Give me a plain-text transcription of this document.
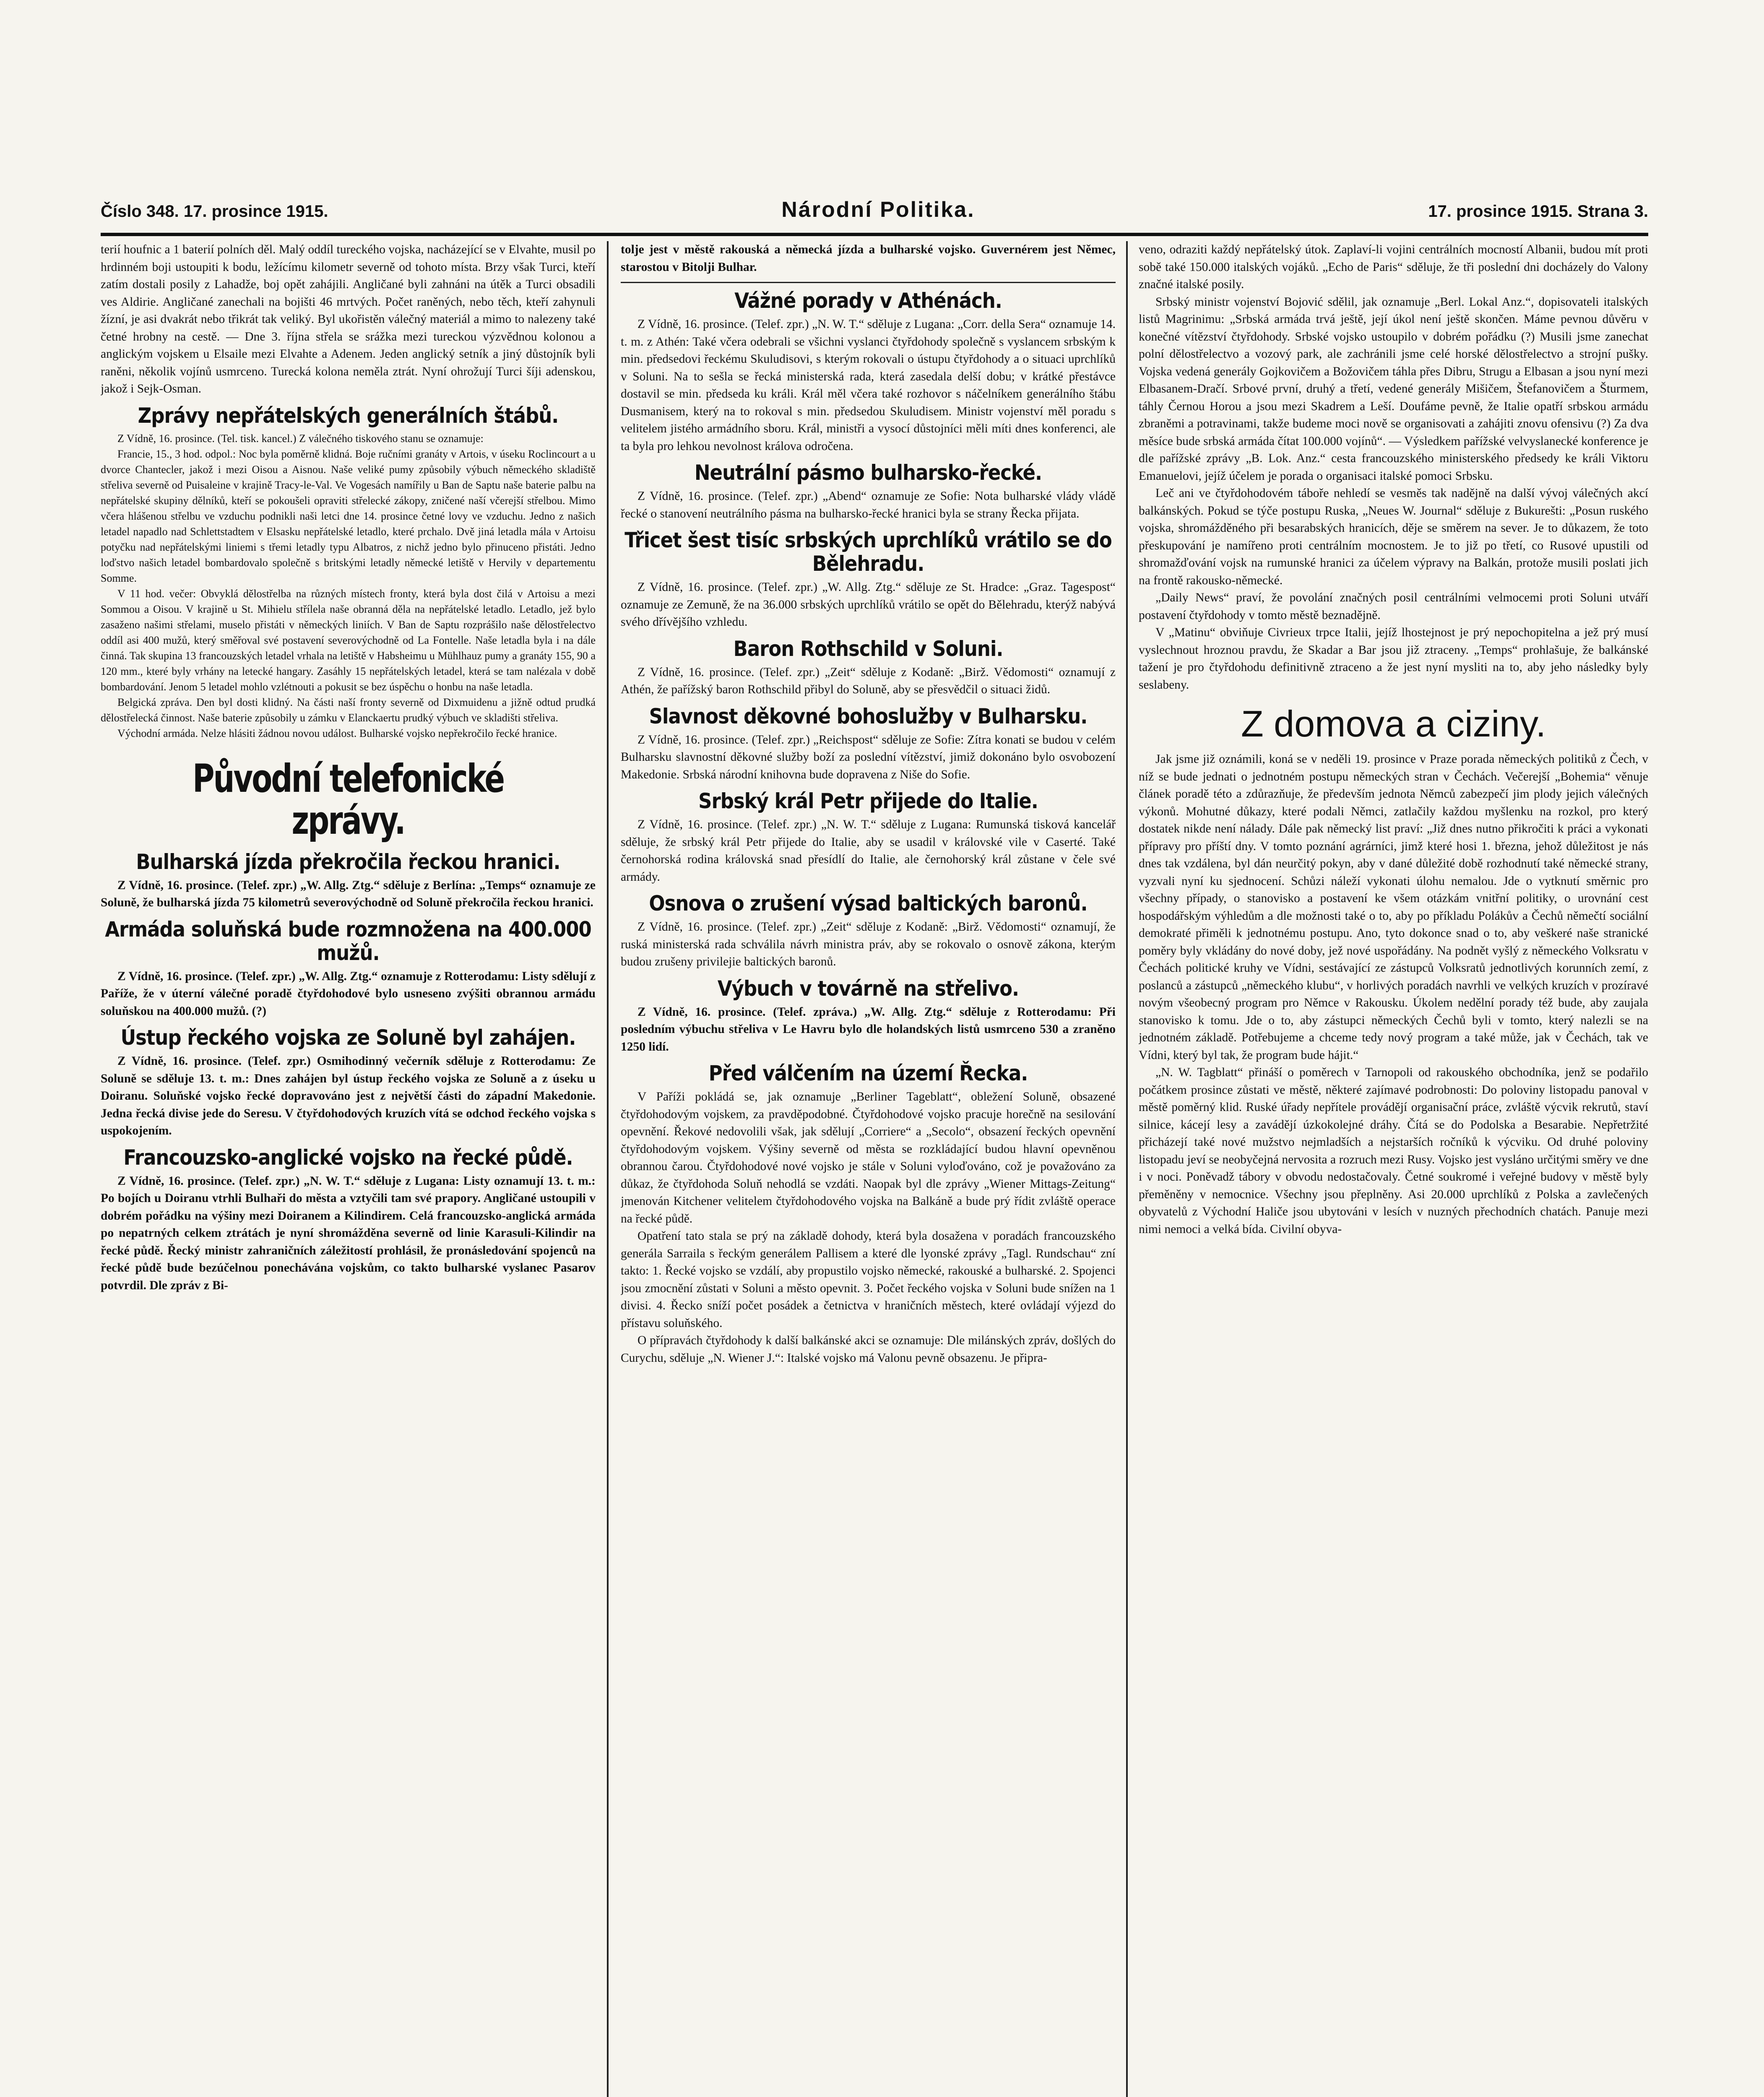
Číslo 348. 17. prosince 1915.	Národní Politika.	17. prosince 1915. Strana 3.

terií houfnic a 1 baterií polních děl. Malý oddíl tureckého vojska, nacházející se v Elvahte, musil po hrdinném boji ustoupiti k bodu, ležícímu kilometr severně od tohoto místa. Brzy však Turci, kteří zatím dostali posily z Lahadže, boj opět zahájili. Angličané byli zahnáni na útěk a Turci obsadili ves Aldirie. Angličané zanechali na bojišti 46 mrtvých. Počet raněných, nebo těch, kteří zahynuli žízní, je asi dvakrát nebo třikrát tak veliký. Byl ukořistěn válečný materiál a mimo to nalezeny také četné hrobny na cestě. — Dne 3. října střela se srážka mezi tureckou výzvědnou kolonou a anglickým vojskem u Elsaile mezi Elvahte a Adenem. Jeden anglický setník a jiný důstojník byli raněni, několik vojínů usmrceno. Turecká kolona neměla ztrát. Nyní ohrožují Turci šíji adenskou, jakož i Sejk-Osman.

Zprávy nepřátelských generálních štábů.

Z Vídně, 16. prosince. (Tel. tisk. kancel.) Z válečného tiskového stanu se oznamuje:

Francie, 15., 3 hod. odpol.: Noc byla poměrně klidná. Boje ručními granáty v Artois, v úseku Roclincourt a u dvorce Chantecler, jakož i mezi Oisou a Aisnou. Naše veliké pumy způsobily výbuch německého skladiště střeliva severně od Puisaleine v krajině Tracy-le-Val. Ve Vogesách namířily u Ban de Saptu naše baterie palbu na nepřátelské skupiny dělníků, kteří se pokoušeli opraviti střelecké zákopy, zničené naší včerejší střelbou. Mimo včera hlášenou střelbu ve vzduchu podnikli naši letci dne 14. prosince četné lovy ve vzduchu. Jedno z našich letadel napadlo nad Schlettstadtem v Elsasku nepřátelské letadlo, které prchalo. Dvě jiná letadla mála v Artoisu potyčku nad nepřátelskými liniemi s třemi letadly typu Albatros, z nichž jedno bylo přinuceno přistáti. Jedno loďstvo našich letadel bombardovalo společně s britskými letadly německé letiště v Hervily v departementu Somme.

V 11 hod. večer: Obvyklá dělostřelba na různých místech fronty, která byla dost čilá v Artoisu a mezi Sommou a Oisou. V krajině u St. Mihielu střílela naše obranná děla na nepřátelské letadlo. Letadlo, jež bylo zasaženo našimi střelami, muselo přistáti v německých liniích. V Ban de Saptu rozprášilo naše dělostřelectvo oddíl asi 400 mužů, který směřoval své postavení severovýchodně od La Fontelle. Naše letadla byla i na dále činná. Tak skupina 13 francouzských letadel vrhala na letiště v Habsheimu u Mühlhauz pumy a granáty 155, 90 a 120 mm., které byly vrhány na letecké hangary. Zasáhly 15 nepřátelských letadel, která se tam nalézala v době bombardování. Jenom 5 letadel mohlo vzlétnouti a pokusit se bez úspěchu o honbu na naše letadla.

Belgická zpráva. Den byl dosti klidný. Na části naší fronty severně od Dixmuidenu a jižně odtud prudká dělostřelecká činnost. Naše baterie způsobily u zámku v Elanckaertu prudký výbuch ve skladišti střeliva.

Východní armáda. Nelze hlásiti žádnou novou událost. Bulharské vojsko nepřekročilo řecké hranice.

Původní telefonické zprávy.
Bulharská jízda překročila řeckou hranici.

Z Vídně, 16. prosince. (Telef. zpr.) „W. Allg. Ztg.“ sděluje z Berlína: „Temps“ oznamuje ze Soluně, že bulharská jízda 75 kilometrů severovýchodně od Soluně překročila řeckou hranici.

Armáda soluňská bude rozmnožena na 400.000 mužů.

Z Vídně, 16. prosince. (Telef. zpr.) „W. Allg. Ztg.“ oznamuje z Rotterodamu: Listy sdělují z Paříže, že v úterní válečné poradě čtyřdohodové bylo usneseno zvýšiti obrannou armádu soluňskou na 400.000 mužů. (?)

Ústup řeckého vojska ze Soluně byl zahájen.

Z Vídně, 16. prosince. (Telef. zpr.) Osmihodinný večerník sděluje z Rotterodamu: Ze Soluně se sděluje 13. t. m.: Dnes zahájen byl ústup řeckého vojska ze Soluně a z úseku u Doiranu. Soluňské vojsko řecké dopravováno jest z největší části do západní Makedonie. Jedna řecká divise jede do Seresu. V čtyřdohodových kruzích vítá se odchod řeckého vojska s uspokojením.

Francouzsko-anglické vojsko na řecké půdě.

Z Vídně, 16. prosince. (Telef. zpr.) „N. W. T.“ sděluje z Lugana: Listy oznamují 13. t. m.: Po bojích u Doiranu vtrhli Bulhaři do města a vztyčili tam své prapory. Angličané ustoupili v dobrém pořádku na výšiny mezi Doiranem a Kilindirem. Celá francouzsko-anglická armáda po nepatrných celkem ztrátách je nyní shromážděna severně od linie Karasuli-Kilindir na řecké půdě. Řecký ministr zahraničních záležitostí prohlásil, že pronásledování spojenců na řecké půdě bude bezúčelnou ponechávána vojskům, co takto bulharské vyslanec Pasarov potvrdil. Dle zpráv z Bi-

tolje jest v městě rakouská a německá jízda a bulharské vojsko. Guvernérem jest Němec, starostou v Bitolji Bulhar.

Vážné porady v Athénách.

Z Vídně, 16. prosince. (Telef. zpr.) „N. W. T.“ sděluje z Lugana: „Corr. della Sera“ oznamuje 14. t. m. z Athén: Také včera odebrali se všichni vyslanci čtyřdohody společně s vyslancem srbským k min. předsedovi řeckému Skuludisovi, s kterým rokovali o ústupu čtyřdohody a o situaci uprchlíků v Soluni. Na to sešla se řecká ministerská rada, která zasedala delší dobu; v krátké přestávce dostavil se min. předseda ku králi. Král měl včera také rozhovor s náčelníkem generálního štábu Dusmanisem, který na to rokoval s min. předsedou Skuludisem. Ministr vojenství měl poradu s velitelem jistého armádního sboru. Král, ministři a vysocí důstojníci měli míti dnes konferenci, ale ta byla pro lehkou nevolnost králova odročena.

Neutrální pásmo bulharsko-řecké.

Z Vídně, 16. prosince. (Telef. zpr.) „Abend“ oznamuje ze Sofie: Nota bulharské vlády vládě řecké o stanovení neutrálního pásma na bulharsko-řecké hranici byla se strany Řecka přijata.

Třicet šest tisíc srbských uprchlíků vrátilo se do Bělehradu.

Z Vídně, 16. prosince. (Telef. zpr.) „W. Allg. Ztg.“ sděluje ze St. Hradce: „Graz. Tagespost“ oznamuje ze Zemuně, že na 36.000 srbských uprchlíků vrátilo se opět do Bělehradu, kterýž nabývá svého dřívějšího vzhledu.

Baron Rothschild v Soluni.

Z Vídně, 16. prosince. (Telef. zpr.) „Zeit“ sděluje z Kodaně: „Birž. Vědomosti“ oznamují z Athén, že pařížský baron Rothschild přibyl do Soluně, aby se přesvědčil o situaci židů.

Slavnost děkovné bohoslužby v Bulharsku.

Z Vídně, 16. prosince. (Telef. zpr.) „Reichspost“ sděluje ze Sofie: Zítra konati se budou v celém Bulharsku slavnostní děkovné služby boží za poslední vítězství, jimiž dokonáno bylo osvobození Makedonie. Srbská národní knihovna bude dopravena z Niše do Sofie.

Srbský král Petr přijede do Italie.

Z Vídně, 16. prosince. (Telef. zpr.) „N. W. T.“ sděluje z Lugana: Rumunská tisková kancelář sděluje, že srbský král Petr přijede do Italie, aby se usadil v královské vile v Caserté. Také černohorská rodina královská snad přesídlí do Italie, ale černohorský král zůstane v čele své armády.

Osnova o zrušení výsad baltických baronů.

Z Vídně, 16. prosince. (Telef. zpr.) „Zeit“ sděluje z Kodaně: „Birž. Vědomosti“ oznamují, že ruská ministerská rada schválila návrh ministra práv, aby se rokovalo o osnově zákona, kterým budou zrušeny privilejie baltických baronů.

Výbuch v továrně na střelivo.

Z Vídně, 16. prosince. (Telef. zpráva.) „W. Allg. Ztg.“ sděluje z Rotterodamu: Při posledním výbuchu střeliva v Le Havru bylo dle holandských listů usmrceno 530 a zraněno 1250 lidí.

Před válčením na území Řecka.

V Paříži pokládá se, jak oznamuje „Berliner Tageblatt“, obležení Soluně, obsazené čtyřdohodovým vojskem, za pravděpodobné. Čtyřdohodové vojsko pracuje horečně na sesilování opevnění. Řekové nedovolili však, jak sdělují „Corriere“ a „Secolo“, obsazení řeckých opevnění čtyřdohodovým vojskem. Výšiny severně od města se rozkládající budou hlavní opevněnou obrannou čarou. Čtyřdohodové nové vojsko je stále v Soluni vyloďováno, což je považováno za důkaz, že čtyřdohoda Soluň nehodlá se vzdáti. Naopak byl dle zprávy „Wiener Mittags-Zeitung“ jmenován Kitchener velitelem čtyřdohodového vojska na Balkáně a bude prý řídit zvláště operace na řecké půdě.

Opatření tato stala se prý na základě dohody, která byla dosažena v poradách francouzského generála Sarraila s řeckým generálem Pallisem a které dle lyonské zprávy „Tagl. Rundschau“ zní takto: 1. Řecké vojsko se vzdálí, aby propustilo vojsko německé, rakouské a bulharské. 2. Spojenci jsou zmocnění zůstati v Soluni a město opevnit. 3. Počet řeckého vojska v Soluni bude snížen na 1 divisi. 4. Řecko sníží počet posádek a četnictva v hraničních městech, které ovládají výjezd do přístavu soluňského.

O přípravách čtyřdohody k další balkánské akci se oznamuje: Dle milánských zpráv, došlých do Curychu, sděluje „N. Wiener J.“: Italské vojsko má Valonu pevně obsazenu. Je připra-

veno, odraziti každý nepřátelský útok. Zaplaví-li vojini centrálních mocností Albanii, budou mít proti sobě také 150.000 italských vojáků. „Echo de Paris“ sděluje, že tři poslední dni docházely do Valony značné italské posily.

Srbský ministr vojenství Bojović sdělil, jak oznamuje „Berl. Lokal Anz.“, dopisovateli italských listů Magrinimu: „Srbská armáda trvá ještě, její úkol není ještě skončen. Máme pevnou důvěru v konečné vítězství čtyřdohody. Srbské vojsko ustoupilo v dobrém pořádku (?) Musili jsme zanechat polní dělostřelectvo a vozový park, ale zachránili jsme celé horské dělostřelectvo a strojní pušky. Vojska vedená generály Gojkovičem a Božovičem táhla přes Dibru, Strugu a Elbasan a jsou nyní mezi Elbasanem-Dračí. Srbové první, druhý a třetí, vedené generály Mišičem, Štefanovičem a Šturmem, táhly Černou Horou a jsou mezi Skadrem a Leší. Doufáme pevně, že Italie opatří srbskou armádu zbraněmi a potravinami, takže budeme moci nově se organisovati a zahájiti znovu ofensivu (?) Za dva měsíce bude srbská armáda čítat 100.000 vojínů“. — Výsledkem pařížské velvyslanecké konference je dle pařížské zprávy „B. Lok. Anz.“ cesta francouzského ministerského předsedy ke králi Viktoru Emanuelovi, jejíž účelem je porada o organisaci italské pomoci Srbsku.

Leč ani ve čtyřdohodovém táboře nehledí se vesměs tak nadějně na další vývoj válečných akcí balkánských. Pokud se týče postupu Ruska, „Neues W. Journal“ sděluje z Bukurešti: „Posun ruského vojska, shromážděného při besarabských hranicích, děje se směrem na sever. Je to důkazem, že toto přeskupování je namířeno proti centrálním mocnostem. Je to již po třetí, co Rusové upustili od shromažďování vojsk na rumunské hranici za účelem výpravy na Balkán, protože musili poslati jich na frontě rakousko-německé.

„Daily News“ praví, že povolání značných posil centrálními velmocemi proti Soluni utváří postavení čtyřdohody v tomto městě beznadějně.

V „Matinu“ obviňuje Civrieux trpce Italii, jejíž lhostejnost je prý nepochopitelna a jež prý musí vyslechnout hroznou pravdu, že Skadar a Bar jsou již ztraceny. „Temps“ prohlašuje, že balkánské tažení je pro čtyřdohodu definitivně ztraceno a že jest nyní mysliti na to, aby jeho následky byly seslabeny.

Z domova a ciziny.

Jak jsme již oznámili, koná se v neděli 19. prosince v Praze porada německých politiků z Čech, v níž se bude jednati o jednotném postupu německých stran v Čechách. Večerejší „Bohemia“ věnuje článek poradě této a zdůrazňuje, že především jednota Němců zabezpečí jim plody jejich válečných výkonů. Mohutné důkazy, které podali Němci, zatlačily každou myšlenku na rozkol, pro který dostatek nikde není nálady. Dále pak německý list praví: „Již dnes nutno přikročiti k práci a vykonati přípravy pro příští dny. V tomto poznání agrárníci, jimž které hosi 1. března, jehož důležitost je nás dnes tak vzdálena, byl dán neurčitý pokyn, aby v dané důležité době rozhodnutí také německé strany, vyzvali nyní ku sjednocení. Schůzi náleží vykonati úlohu nemalou. Jde o vytknutí směrnic pro všechny případy, o stanovisko a postavení ke všem otázkám vnitřní politiky, o urovnání cest hospodářským výhledům a dle možnosti také o to, aby po příkladu Polákův a Čechů němečtí sociální demokraté přiměli k jednotnému postupu. Ano, tyto dokonce snad o to, aby veškeré naše stranické poměry byly vkládány do nové doby, jež nové uspořádány. Na podnět vyšlý z německého Volksratu v Čechách politické kruhy ve Vídni, sestávající ze zástupců Volksratů jednotlivých korunních zemí, z poslanců a zástupců „německého klubu“, v horlivých poradách navrhli ve velkých kruzích v prozíravé novým všeobecný program pro Němce v Rakousku. Úkolem nedělní porady též bude, aby zaujala stanovisko k tomu. Jde o to, aby zástupci německých Čechů byli v tomto, který nalezli se na jednotném základě. Potřebujeme a chceme tedy nový program a také může, jak v Čechách, tak ve Vídni, který byl tak, že program bude hájit.“

„N. W. Tagblatt“ přináší o poměrech v Tarnopoli od rakouského obchodníka, jenž se podařilo počátkem prosince zůstati ve městě, některé zajímavé podrobnosti: Do poloviny listopadu panoval v městě poměrný klid. Ruské úřady nepřítele provádějí organisační práce, zvláště výcvik rekrutů, staví silnice, kácejí lesy a zavádějí úzkokolejné dráhy. Čítá se do Podolska a Besarabie. Nepřetržité přicházejí také nové mužstvo nejmladších a nejstarších ročníků k výcviku. Od druhé poloviny listopadu jeví se neobyčejná nervosita a rozruch mezi Rusy. Vojsko jest vysláno určitými směry ve dne i v noci. Poněvadž tábory v obvodu nedostačovaly. Četné soukromé i veřejné budovy v městě byly přeměněny v nemocnice. Všechny jsou přeplněny. Asi 20.000 uprchlíků z Polska a zavlečených obyvatelů z Východní Haliče jsou ubytováni v lesích v nuzných přechodních chatách. Panuje mezi nimi nemoci a velká bída. Civilní obyva-
